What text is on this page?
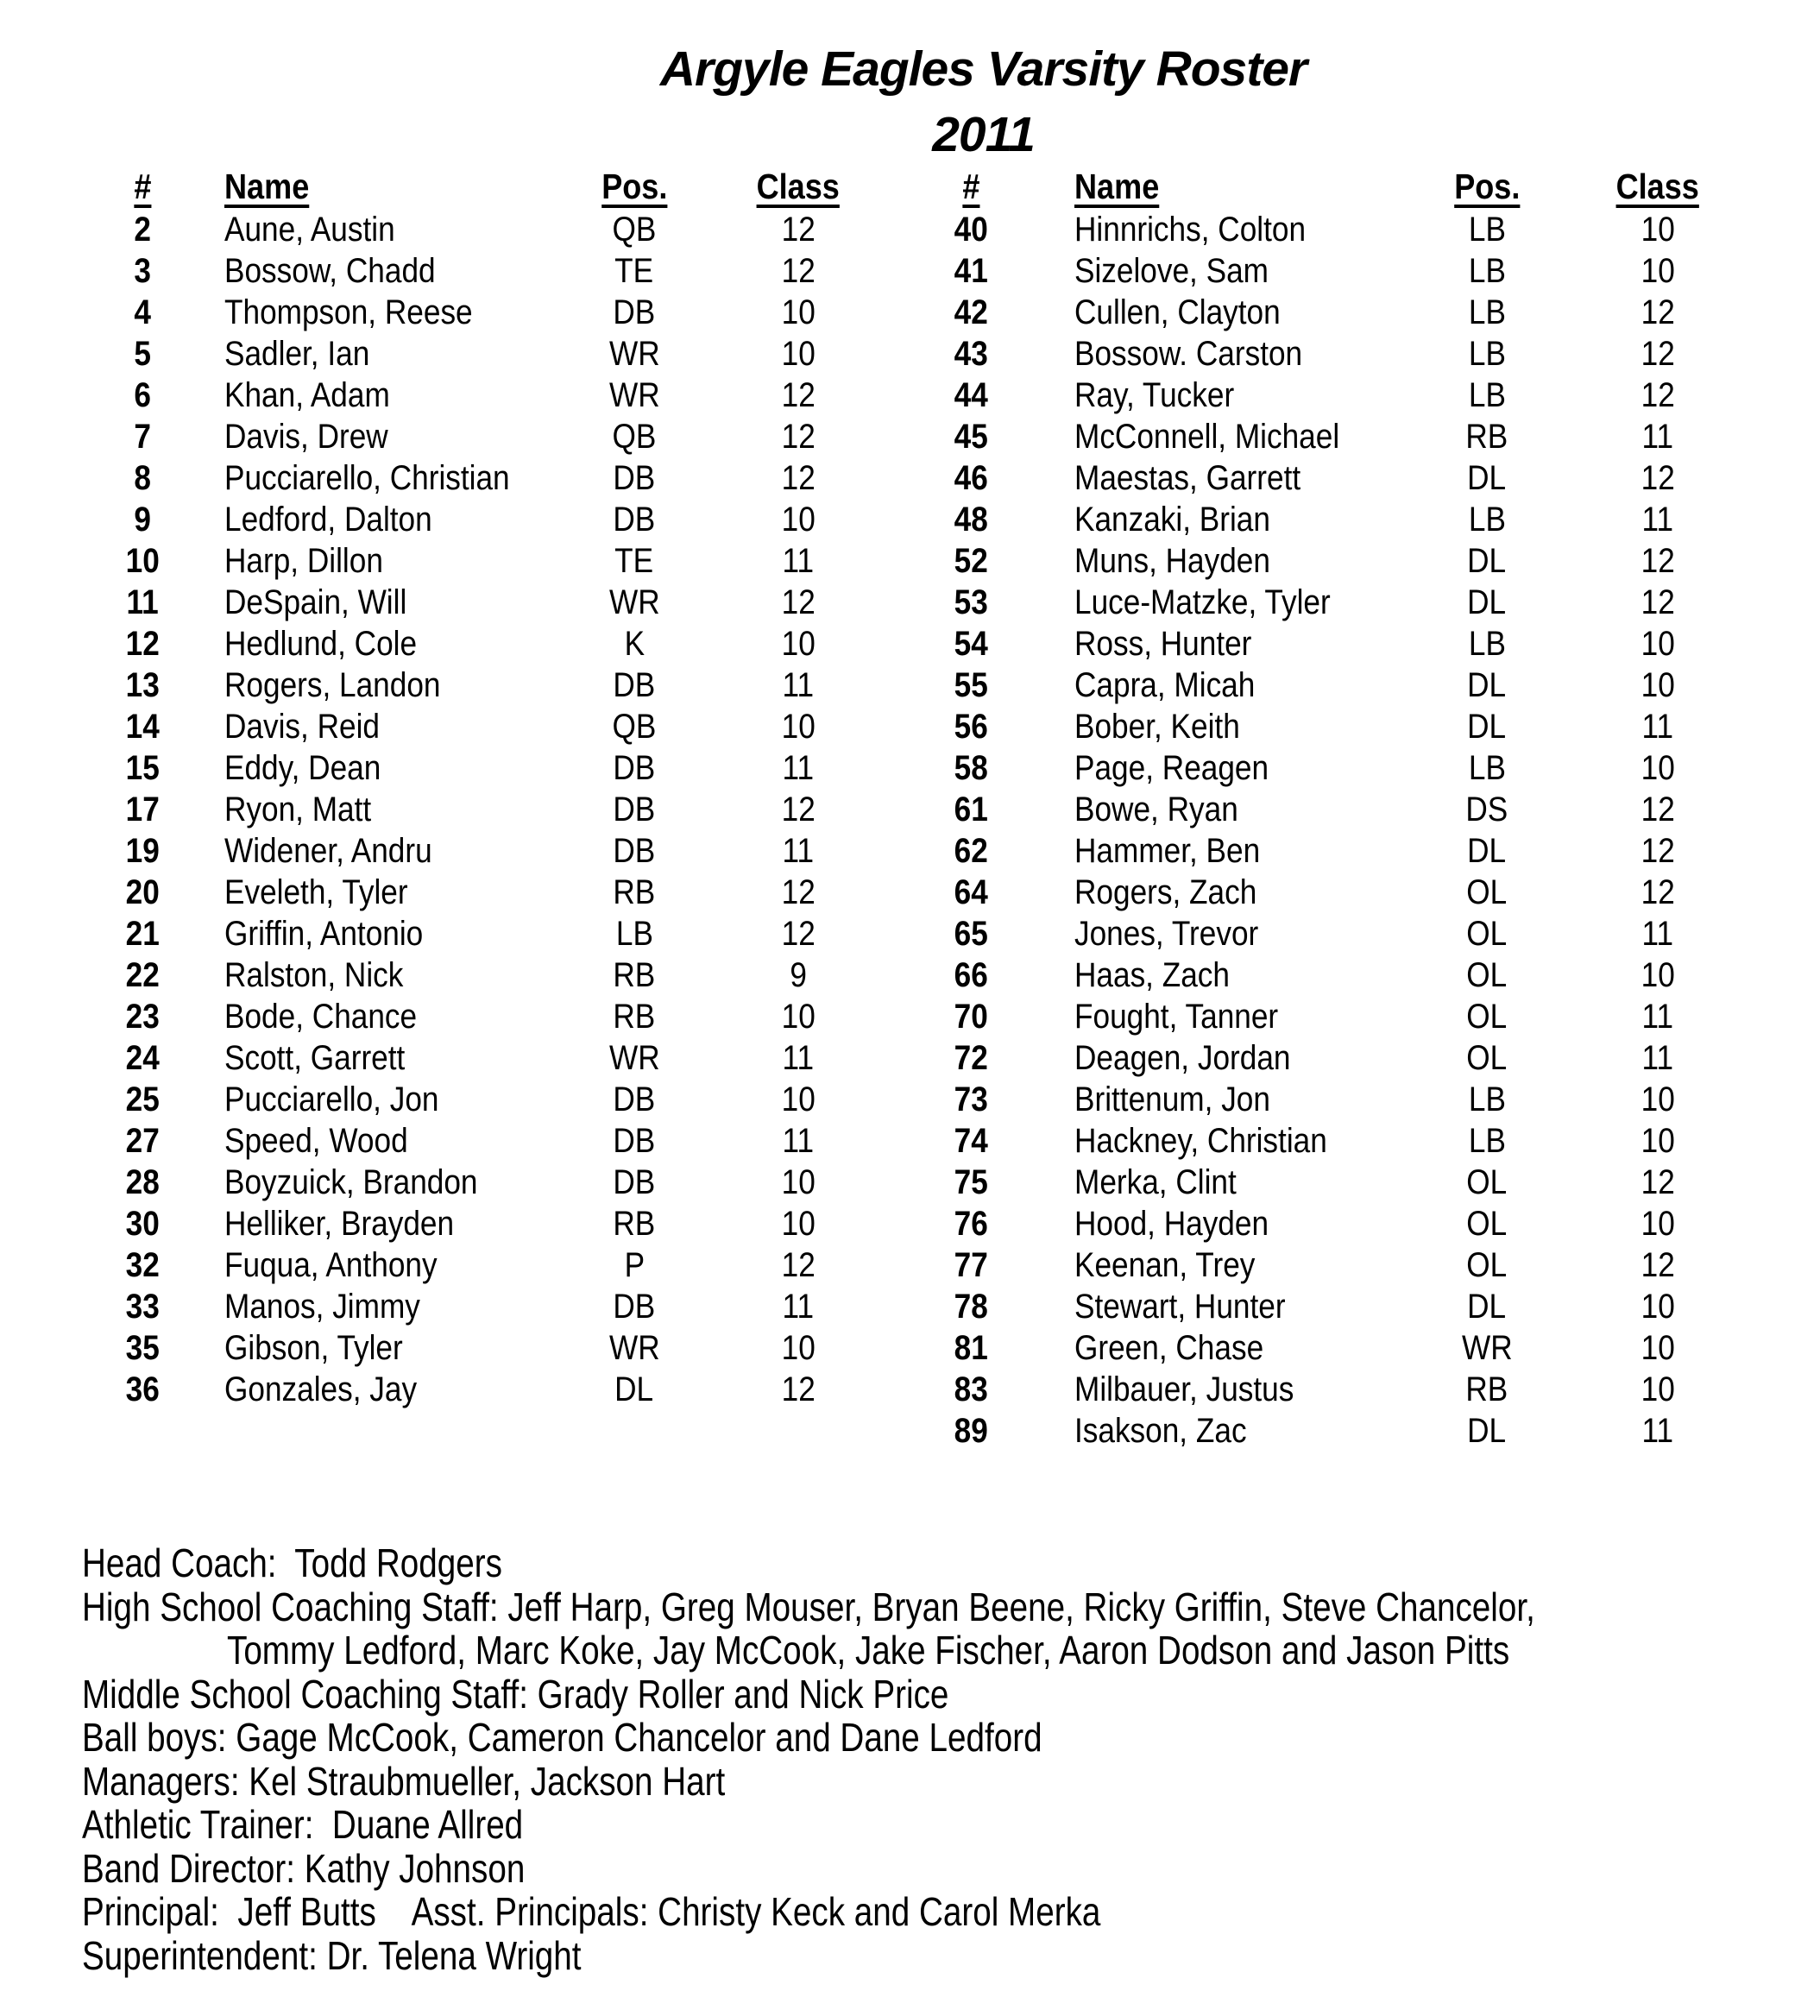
Argyle Eagles Varsity Roster
2011
#	Name	Pos.	Class
2	Aune, Austin	QB	12
3	Bossow, Chadd	TE	12
4	Thompson, Reese	DB	10
5	Sadler, Ian	WR	10
6	Khan, Adam	WR	12
7	Davis, Drew	QB	12
8	Pucciarello, Christian	DB	12
9	Ledford, Dalton	DB	10
10	Harp, Dillon	TE	11
11	DeSpain, Will	WR	12
12	Hedlund, Cole	K	10
13	Rogers, Landon	DB	11
14	Davis, Reid	QB	10
15	Eddy, Dean	DB	11
17	Ryon, Matt	DB	12
19	Widener, Andru	DB	11
20	Eveleth, Tyler	RB	12
21	Griffin, Antonio	LB	12
22	Ralston, Nick	RB	9
23	Bode, Chance	RB	10
24	Scott, Garrett	WR	11
25	Pucciarello, Jon	DB	10
27	Speed, Wood	DB	11
28	Boyzuick, Brandon	DB	10
30	Helliker, Brayden	RB	10
32	Fuqua, Anthony	P	12
33	Manos, Jimmy	DB	11
35	Gibson, Tyler	WR	10
36	Gonzales, Jay	DL	12
#	Name	Pos.	Class
40	Hinnrichs, Colton	LB	10
41	Sizelove, Sam	LB	10
42	Cullen, Clayton	LB	12
43	Bossow. Carston	LB	12
44	Ray, Tucker	LB	12
45	McConnell, Michael	RB	11
46	Maestas, Garrett	DL	12
48	Kanzaki, Brian	LB	11
52	Muns, Hayden	DL	12
53	Luce-Matzke, Tyler	DL	12
54	Ross, Hunter	LB	10
55	Capra, Micah	DL	10
56	Bober, Keith	DL	11
58	Page, Reagen	LB	10
61	Bowe, Ryan	DS	12
62	Hammer, Ben	DL	12
64	Rogers, Zach	OL	12
65	Jones, Trevor	OL	11
66	Haas, Zach	OL	10
70	Fought, Tanner	OL	11
72	Deagen, Jordan	OL	11
73	Brittenum, Jon	LB	10
74	Hackney, Christian	LB	10
75	Merka, Clint	OL	12
76	Hood, Hayden	OL	10
77	Keenan, Trey	OL	12
78	Stewart, Hunter	DL	10
81	Green, Chase	WR	10
83	Milbauer, Justus	RB	10
89	Isakson, Zac	DL	11
Head Coach:  Todd Rodgers
High School Coaching Staff: Jeff Harp, Greg Mouser, Bryan Beene, Ricky Griffin, Steve Chancelor,
Tommy Ledford, Marc Koke, Jay McCook, Jake Fischer, Aaron Dodson and Jason Pitts
Middle School Coaching Staff: Grady Roller and Nick Price
Ball boys: Gage McCook, Cameron Chancelor and Dane Ledford
Managers: Kel Straubmueller, Jackson Hart
Athletic Trainer:  Duane Allred
Band Director: Kathy Johnson
Principal:  Jeff Butts    Asst. Principals: Christy Keck and Carol Merka
Superintendent: Dr. Telena Wright
